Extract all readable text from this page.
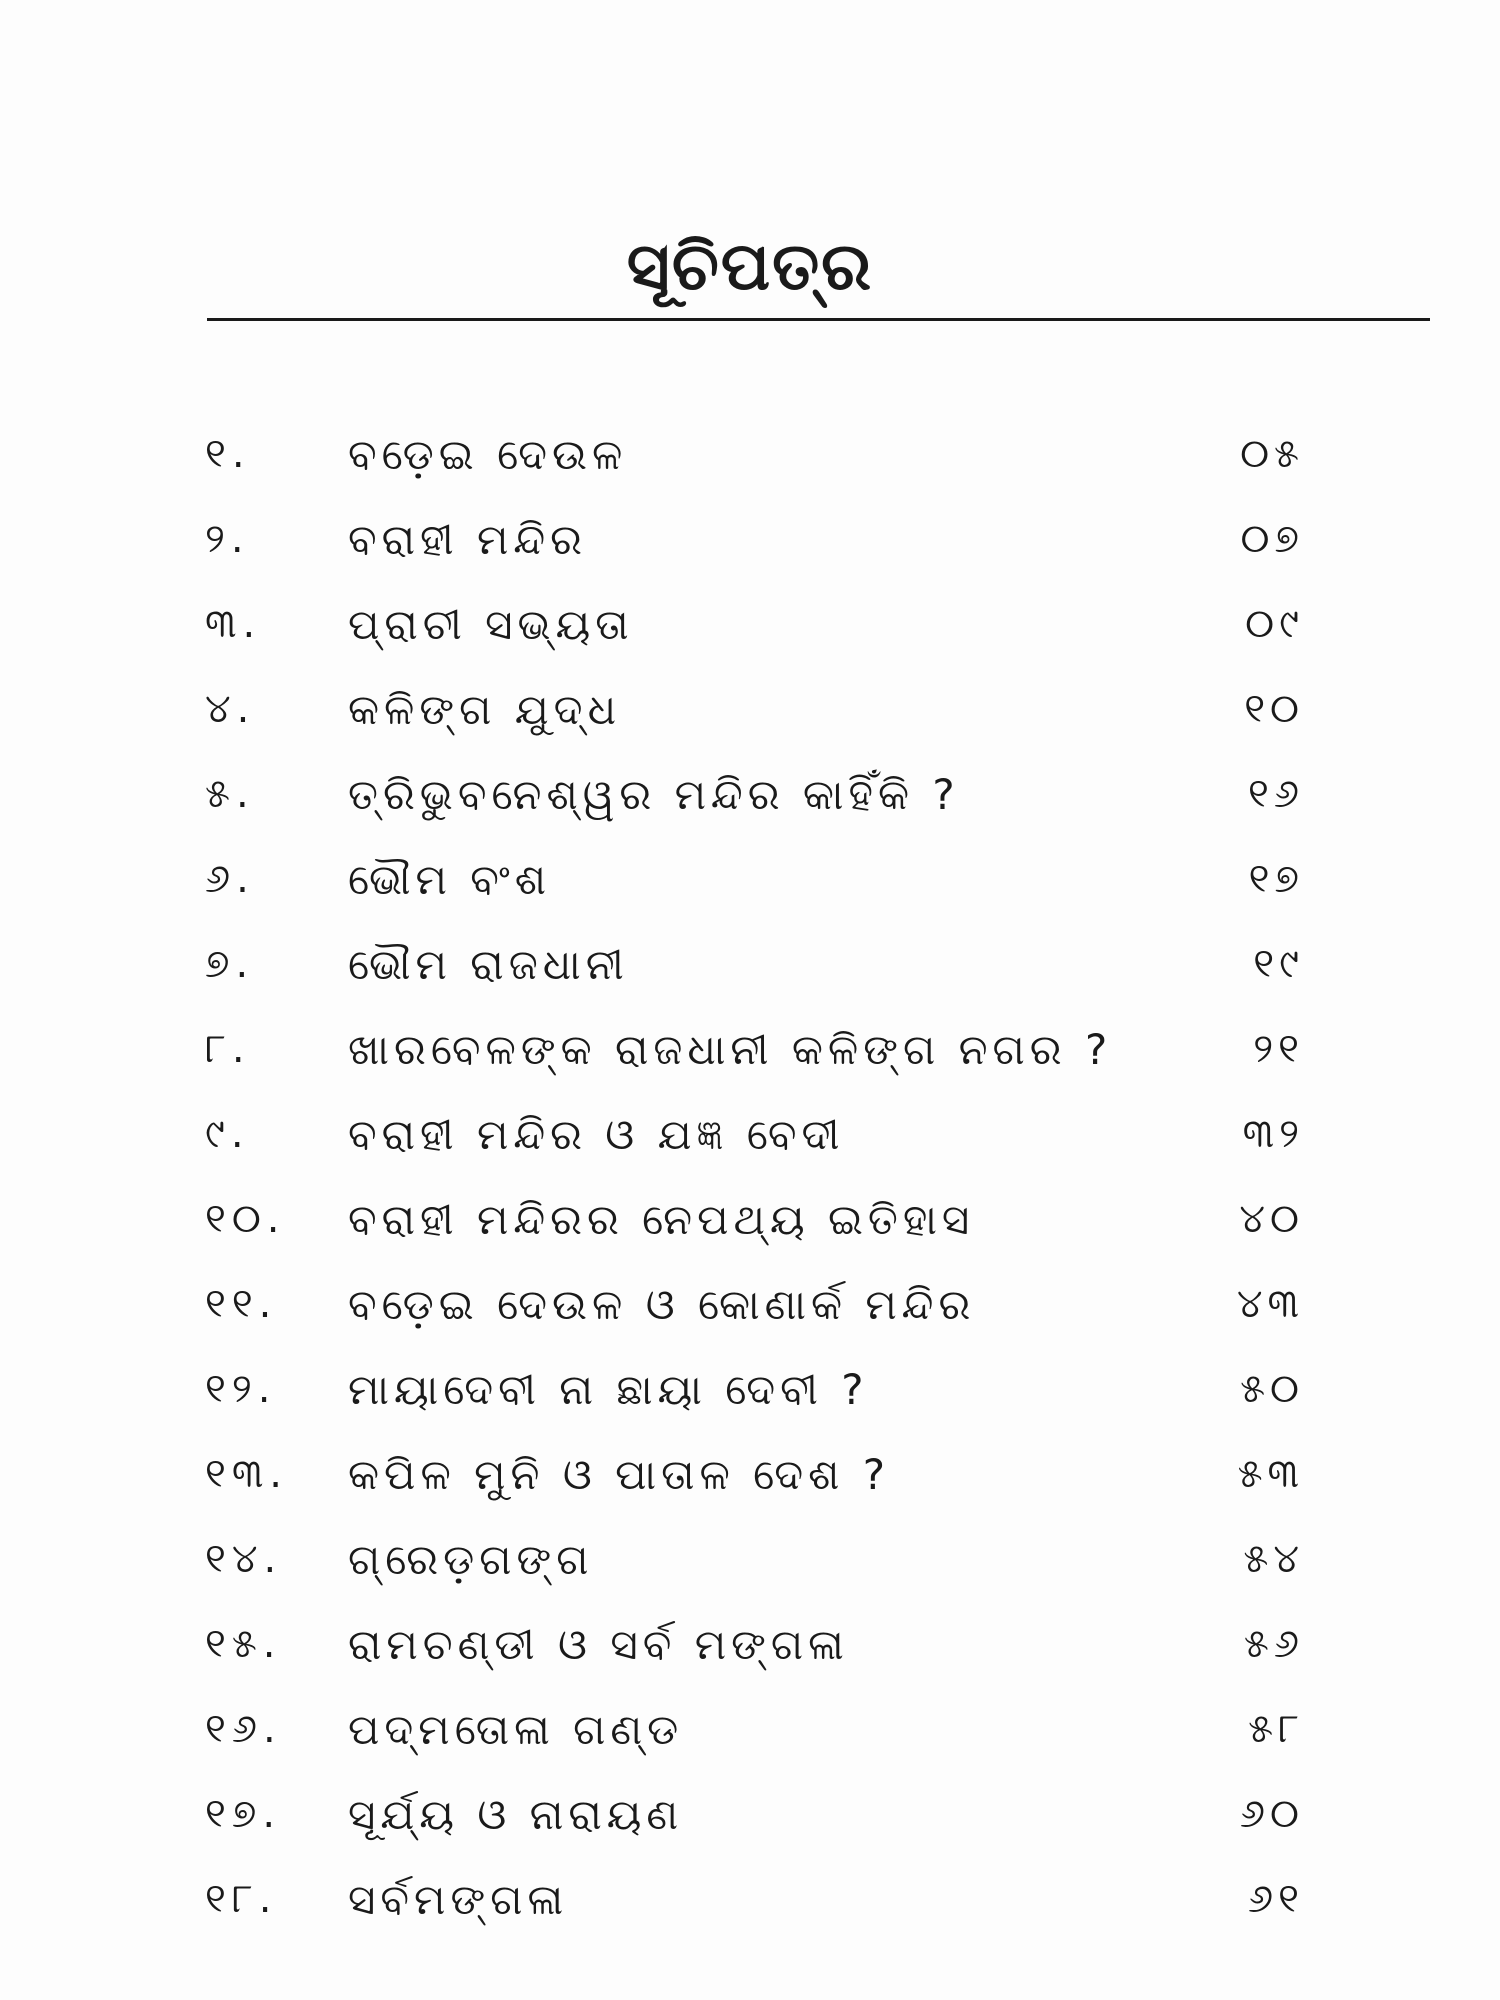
ସୂଚିପତ୍ର
୧. ବଡ଼େଇ ଦେଉଳ	୦୫
୨. ବରାହୀ ମନ୍ଦିର	୦୭
୩. ପ୍ରାଚୀ ସଭ୍ୟତା	୦୯
୪. କଳିଙ୍ଗ ଯୁଦ୍ଧ	୧୦
୫. ତ୍ରିଭୁବନେଶ୍ୱର ମନ୍ଦିର କାହିଁକି ?	୧୬
୬. ଭୌମ ବଂଶ	୧୭
୭. ଭୌମ ରାଜଧାନୀ	୧୯
୮. ଖାରବେଳଙ୍କ ରାଜଧାନୀ କଳିଙ୍ଗ ନଗର ?	୨୧
୯. ବରାହୀ ମନ୍ଦିର ଓ ଯଜ୍ଞ ବେଦୀ	୩୨
୧୦. ବରାହୀ ମନ୍ଦିରର ନେପଥ୍ୟ ଇତିହାସ	୪୦
୧୧. ବଡ଼େଇ ଦେଉଳ ଓ କୋଣାର୍କ ମନ୍ଦିର	୪୩
୧୨. ମାୟାଦେବୀ ନା ଛାୟା ଦେବୀ ?	୫୦
୧୩. କପିଳ ମୁନି ଓ ପାତାଳ ଦେଶ ?	୫୩
୧୪. ଗ୍ରେଡ଼ଗଙ୍ଗ	୫୪
୧୫. ରାମଚଣ୍ଡୀ ଓ ସର୍ବ ମଙ୍ଗଳା	୫୬
୧୬. ପଦ୍ମତୋଳା ଗଣ୍ଡ	୫୮
୧୭. ସୂର୍ଯ୍ୟ ଓ ନାରାୟଣ	୬୦
୧୮. ସର୍ବମଙ୍ଗଳା	୬୧
